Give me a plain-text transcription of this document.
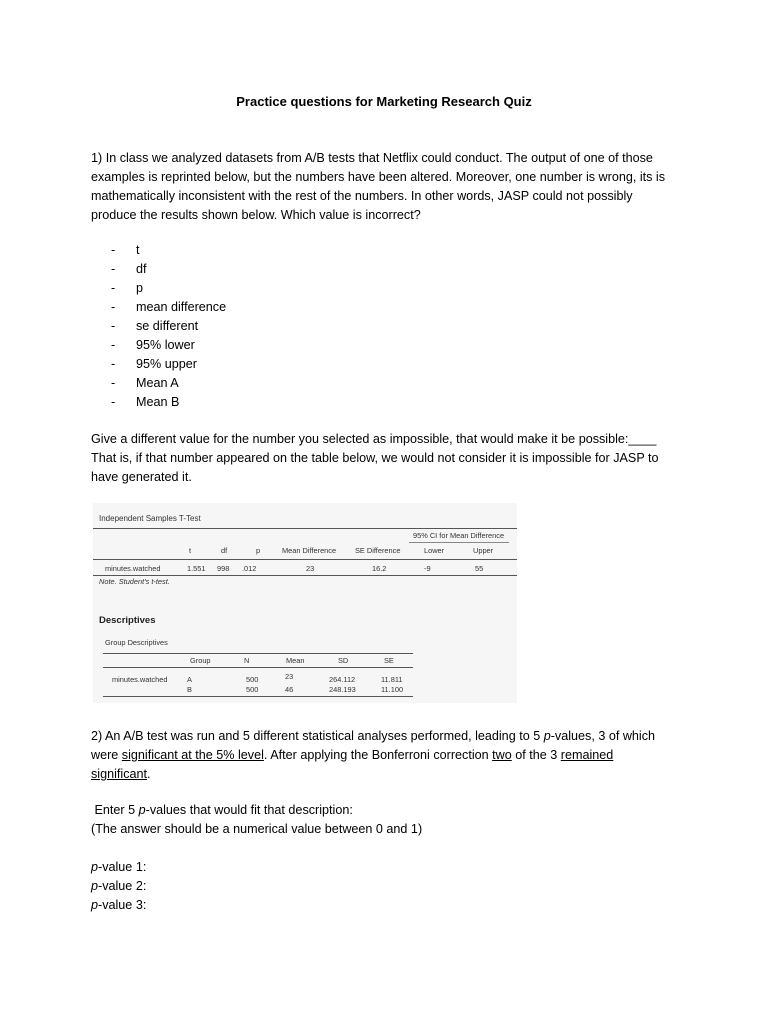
Practice questions for Marketing Research Quiz
1) In class we analyzed datasets from A/B tests that Netflix could conduct. The output of one of those examples is reprinted below, but the numbers have been altered. Moreover, one number is wrong, its is mathematically inconsistent with the rest of the numbers. In other words, JASP could not possibly produce the results shown below. Which value is incorrect?
- t
- df
- p
- mean difference
- se different
- 95% lower
- 95% upper
- Mean A
- Mean B
Give a different value for the number you selected as impossible, that would make it be possible:____ That is, if that number appeared on the table below, we would not consider it is impossible for JASP to have generated it.
Independent Samples T-Test
95% CI for Mean Difference
t	df	p	Mean Difference	SE Difference	Lower	Upper
minutes.watched	1.551 998 .012	23	16.2	-9	55
Note. Student's t-test.
Descriptives
Group Descriptives
Group	N	Mean	SD	SE
minutes.watched	A	500	23	264.112	11.811
B	500	46	248.193	11.100
2) An A/B test was run and 5 different statistical analyses performed, leading to 5 p-values, 3 of which were significant at the 5% level. After applying the Bonferroni correction two of the 3 remained significant.
Enter 5 p-values that would fit that description:
(The answer should be a numerical value between 0 and 1)
p-value 1:
p-value 2:
p-value 3:
